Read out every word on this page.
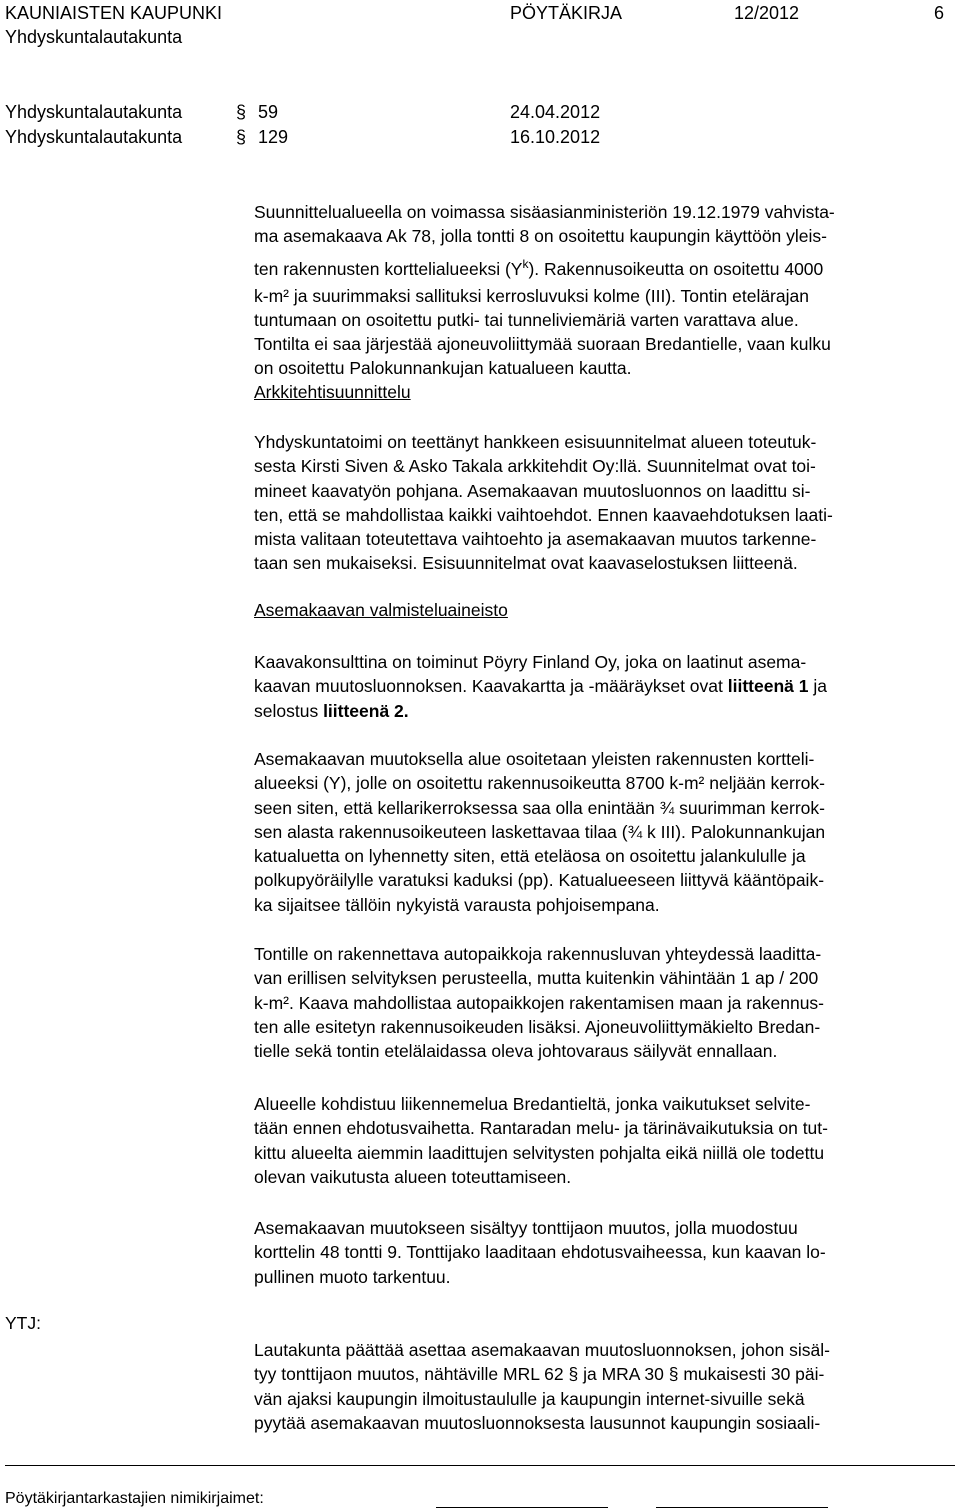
KAUNIAISTEN KAUPUNKI	PÖYTÄKIRJA	12/2012	6
Yhdyskuntalautakunta
Yhdyskuntalautakunta	§ 59	24.04.2012
Yhdyskuntalautakunta	§ 129	16.10.2012
Suunnittelualueella on voimassa sisäasianministeriön 19.12.1979 vahvista-
ma asemakaava Ak 78, jolla tontti 8 on osoitettu kaupungin käyttöön yleis-
ten rakennusten korttelialueeksi $(Y^k)$. Rakennusoikeutta on osoitettu 4000
k-m² ja suurimmaksi sallituksi kerrosluvuksi kolme (III). Tontin etelärajan
tuntumaan on osoitettu putki- tai tunneliviemäriä varten varattava alue.
Tontilta ei saa järjestää ajoneuvoliittymää suoraan Bredantielle, vaan kulku
on osoitettu Palokunnankujan katualueen kautta.
Arkkitehtisuunnittelu
Yhdyskuntatoimi on teettänyt hankkeen esisuunnitelmat alueen toteutuk-
sesta Kirsti Siven & Asko Takala arkkitehdit Oy:llä. Suunnitelmat ovat toi-
mineet kaavatyön pohjana. Asemakaavan muutosluonnos on laadittu si-
ten, että se mahdollistaa kaikki vaihtoehdot. Ennen kaavaehdotuksen laati-
mista valitaan toteutettava vaihtoehto ja asemakaavan muutos tarkenne-
taan sen mukaiseksi. Esisuunnitelmat ovat kaavaselostuksen liitteenä.
Asemakaavan valmisteluaineisto
Kaavakonsulttina on toiminut Pöyry Finland Oy, joka on laatinut asema-
kaavan muutosluonnoksen. Kaavakartta ja -määräykset ovat liitteenä 1 ja
selostus liitteenä 2.
Asemakaavan muutoksella alue osoitetaan yleisten rakennusten kortteli-
alueeksi (Y), jolle on osoitettu rakennusoikeutta 8700 k-m² neljään kerrok-
seen siten, että kellarikerroksessa saa olla enintään ¾ suurimman kerrok-
sen alasta rakennusoikeuteen laskettavaa tilaa (¾ k III). Palokunnankujan
katualuetta on lyhennetty siten, että eteläosa on osoitettu jalankululle ja
polkupyöräilylle varatuksi kaduksi (pp). Katualueeseen liittyvä kääntöpaik-
ka sijaitsee tällöin nykyistä varausta pohjoisempana.
Tontille on rakennettava autopaikkoja rakennusluvan yhteydessä laaditta-
van erillisen selvityksen perusteella, mutta kuitenkin vähintään 1 ap / 200
k-m². Kaava mahdollistaa autopaikkojen rakentamisen maan ja rakennus-
ten alle esitetyn rakennusoikeuden lisäksi. Ajoneuvoliittymäkielto Bredan-
tielle sekä tontin etelälaidassa oleva johtovaraus säilyvät ennallaan.
Alueelle kohdistuu liikennemelua Bredantieltä, jonka vaikutukset selvite-
tään ennen ehdotusvaihetta. Rantaradan melu- ja tärinävaikutuksia on tut-
kittu alueelta aiemmin laadittujen selvitysten pohjalta eikä niillä ole todettu
olevan vaikutusta alueen toteuttamiseen.
Asemakaavan muutokseen sisältyy tonttijaon muutos, jolla muodostuu
korttelin 48 tontti 9. Tonttijako laaditaan ehdotusvaiheessa, kun kaavan lo-
pullinen muoto tarkentuu.
YTJ:
Lautakunta päättää asettaa asemakaavan muutosluonnoksen, johon sisäl-
tyy tonttijaon muutos, nähtäville MRL 62 § ja MRA 30 § mukaisesti 30 päi-
vän ajaksi kaupungin ilmoitustaululle ja kaupungin internet-sivuille sekä
pyytää asemakaavan muutosluonnoksesta lausunnot kaupungin sosiaali-
Pöytäkirjantarkastajien nimikirjaimet:
